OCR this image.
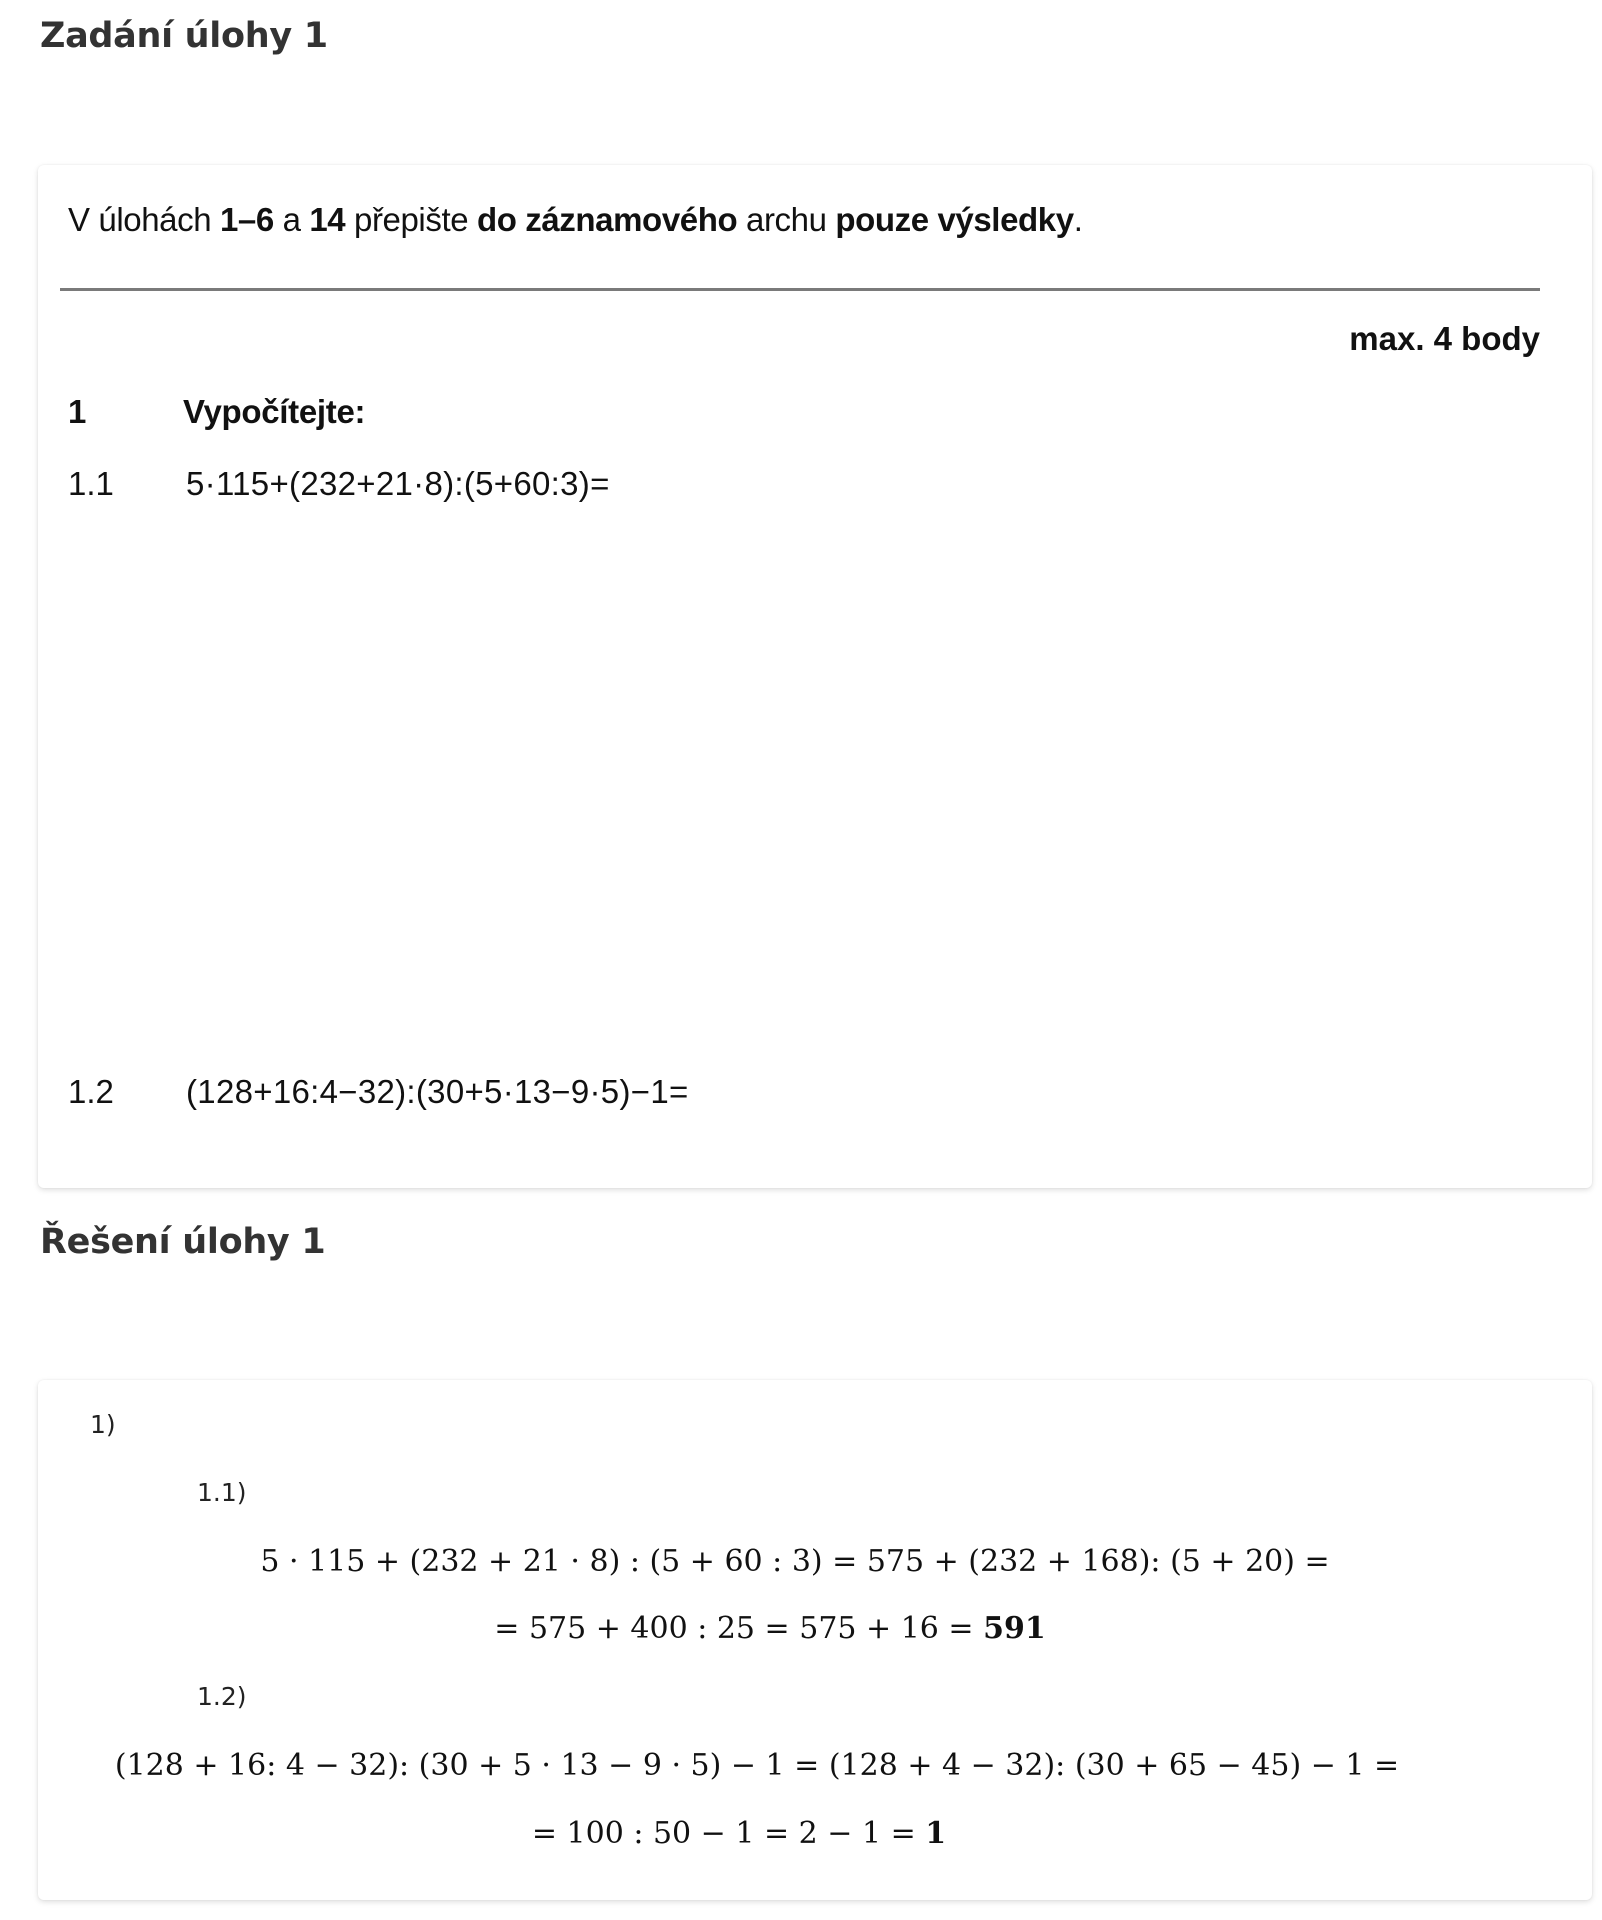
Zadání úlohy 1
V úlohách 1–6 a 14 přepište do záznamového archu pouze výsledky.
max. 4 body
1	Vypočítejte:
1.1 5·115+(232+21·8):(5+60:3)=
1.2 (128+16:4−32):(30+5·13−9·5)−1=
Řešení úlohy 1
1)
1.1)
5 · 115 + (232 + 21 · 8) : (5 + 60 : 3) = 575 + (232 + 168): (5 + 20) =
= 575 + 400 : 25 = 575 + 16 = 591
1.2)
(128 + 16: 4 − 32): (30 + 5 · 13 − 9 · 5) − 1 = (128 + 4 − 32): (30 + 65 − 45) − 1 =
= 100 : 50 − 1 = 2 − 1 = 1
